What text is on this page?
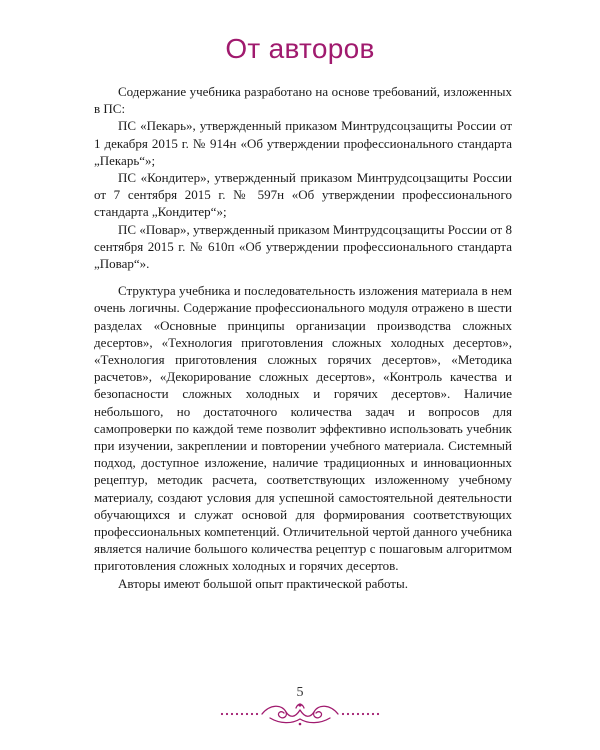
От авторов

Содержание учебника разработано на основе требований, изложенных в ПС:

ПС «Пекарь», утвержденный приказом Минтрудсоцзащиты России от 1 декабря 2015 г. № 914н «Об утверждении профессионального стандарта „Пекарь“»;

ПС «Кондитер», утвержденный приказом Минтрудсоцзащиты России от 7 сентября 2015 г. № 597н «Об утверждении профессионального стандарта „Кондитер“»;

ПС «Повар», утвержденный приказом Минтрудсоцзащиты России от 8 сентября 2015 г. № 610п «Об утверждении профессионального стандарта „Повар“».

Структура учебника и последовательность изложения материала в нем очень логичны. Содержание профессионального модуля отражено в шести разделах «Основные принципы организации производства сложных десертов», «Технология приготовления сложных холодных десертов», «Технология приготовления сложных горячих десертов», «Методика расчетов», «Декорирование сложных десертов», «Контроль качества и безопасности сложных холодных и горячих десертов». Наличие небольшого, но достаточного количества задач и вопросов для самопроверки по каждой теме позволит эффективно использовать учебник при изучении, закреплении и повторении учебного материала. Системный подход, доступное изложение, наличие традиционных и инновационных рецептур, методик расчета, соответствующих изложенному учебному материалу, создают условия для успешной самостоятельной деятельности обучающихся и служат основой для формирования соответствующих профессиональных компетенций. Отличительной чертой данного учебника является наличие большого количества рецептур с пошаговым алгоритмом приготовления сложных холодных и горячих десертов.

Авторы имеют большой опыт практической работы.

5
